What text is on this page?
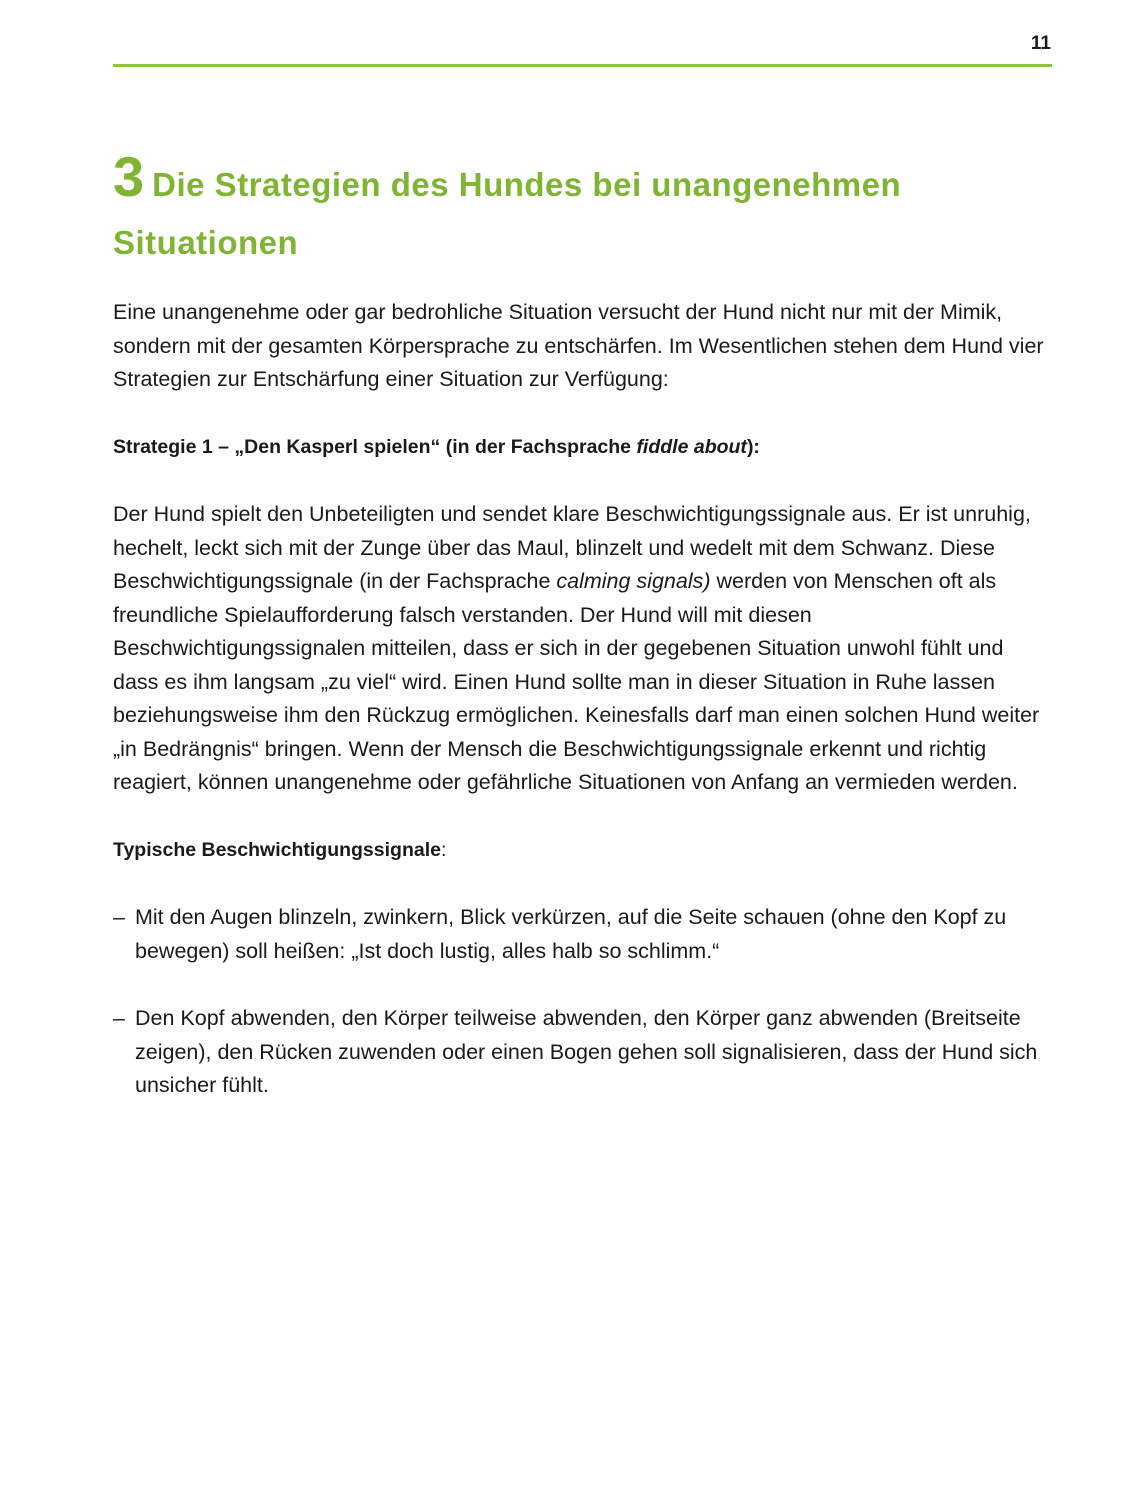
11
3 Die Strategien des Hundes bei unangenehmen Situationen

Eine unangenehme oder gar bedrohliche Situation versucht der Hund nicht nur mit der Mimik, sondern mit der gesamten Körpersprache zu entschärfen. Im Wesentlichen stehen dem Hund vier Strategien zur Entschärfung einer Situation zur Verfügung:

Strategie 1 – „Den Kasperl spielen“ (in der Fachsprache fiddle about):

Der Hund spielt den Unbeteiligten und sendet klare Beschwichtigungssignale aus. Er ist unruhig, hechelt, leckt sich mit der Zunge über das Maul, blinzelt und wedelt mit dem Schwanz. Diese Beschwichtigungssignale (in der Fachsprache calming signals) werden von Menschen oft als freundliche Spielaufforderung falsch verstanden. Der Hund will mit diesen Beschwichtigungssignalen mitteilen, dass er sich in der gegebenen Situation unwohl fühlt und dass es ihm langsam „zu viel“ wird. Einen Hund sollte man in dieser Situation in Ruhe lassen beziehungsweise ihm den Rückzug ermöglichen. Keinesfalls darf man einen solchen Hund weiter „in Bedrängnis“ bringen. Wenn der Mensch die Beschwichtigungssignale erkennt und richtig reagiert, können unangenehme oder gefährliche Situationen von Anfang an vermieden werden.

Typische Beschwichtigungssignale:

– Mit den Augen blinzeln, zwinkern, Blick verkürzen, auf die Seite schauen (ohne den Kopf zu bewegen) soll heißen: „Ist doch lustig, alles halb so schlimm.“
– Den Kopf abwenden, den Körper teilweise abwenden, den Körper ganz abwenden (Breitseite zeigen), den Rücken zuwenden oder einen Bogen gehen soll signalisieren, dass der Hund sich unsicher fühlt.
